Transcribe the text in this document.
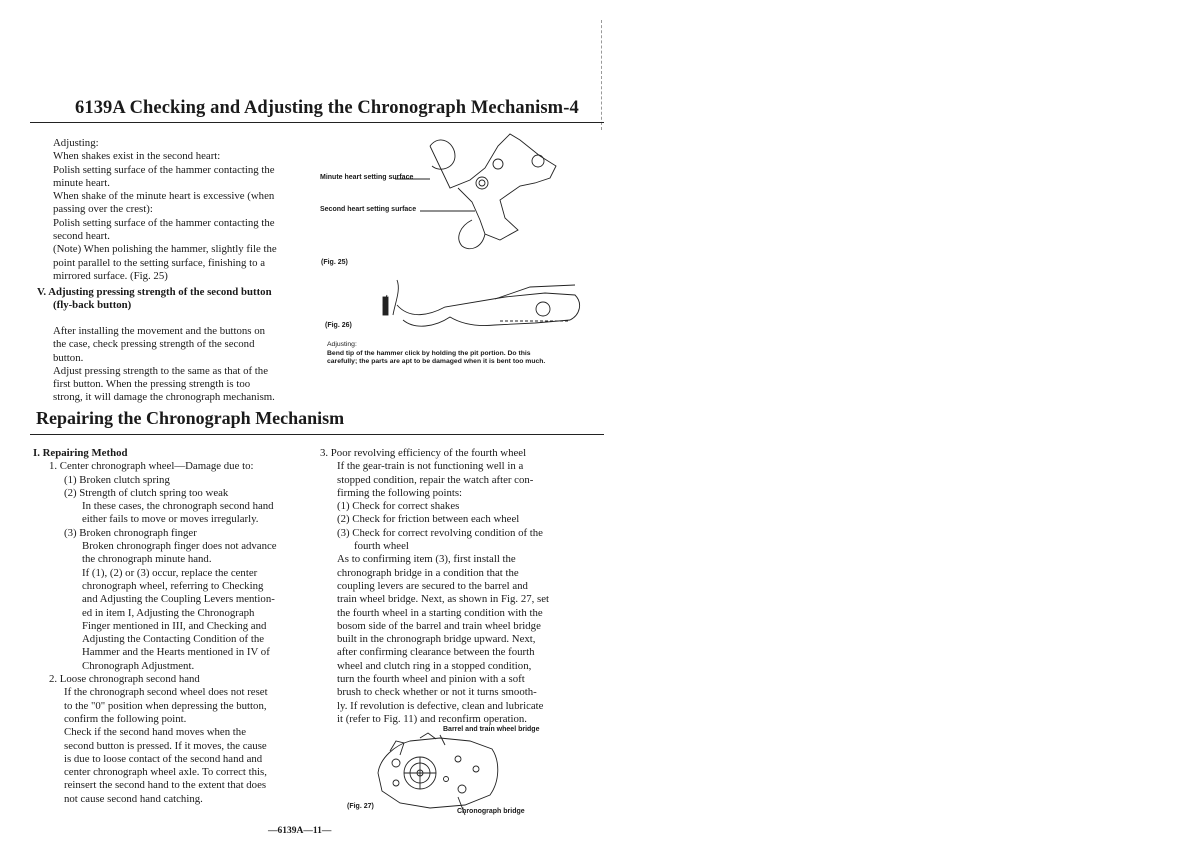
6139A Checking and Adjusting the Chronograph Mechanism-4
Adjusting:
When shakes exist in the second heart:
Polish setting surface of the hammer contacting the
minute heart.
When shake of the minute heart is excessive (when
passing over the crest):
Polish setting surface of the hammer contacting the
second heart.
(Note) When polishing the hammer, slightly file the
point parallel to the setting surface, finishing to a
mirrored surface. (Fig. 25)
V. Adjusting pressing strength of the second button
(fly-back button)
After installing the movement and the buttons on
the case, check pressing strength of the second
button.
Adjust pressing strength to the same as that of the
first button. When the pressing strength is too
strong, it will damage the chronograph mechanism.
Minute heart setting surface
Second heart setting surface
(Fig. 25)
(Fig. 26)
Adjusting:
Bend tip of the hammer click by holding the pit portion. Do this
carefully; the parts are apt to be damaged when it is bent too much.
Repairing the Chronograph Mechanism
I. Repairing Method
1. Center chronograph wheel—Damage due to:
(1) Broken clutch spring
(2) Strength of clutch spring too weak
In these cases, the chronograph second hand
either fails to move or moves irregularly.
(3) Broken chronograph finger
Broken chronograph finger does not advance
the chronograph minute hand.
If (1), (2) or (3) occur, replace the center
chronograph wheel, referring to Checking
and Adjusting the Coupling Levers mention-
ed in item I, Adjusting the Chronograph
Finger mentioned in III, and Checking and
Adjusting the Contacting Condition of the
Hammer and the Hearts mentioned in IV of
Chronograph Adjustment.
2. Loose chronograph second hand
If the chronograph second wheel does not reset
to the "0" position when depressing the button,
confirm the following point.
Check if the second hand moves when the
second button is pressed. If it moves, the cause
is due to loose contact of the second hand and
center chronograph wheel axle. To correct this,
reinsert the second hand to the extent that does
not cause second hand catching.
3. Poor revolving efficiency of the fourth wheel
If the gear-train is not functioning well in a
stopped condition, repair the watch after con-
firming the following points:
(1) Check for correct shakes
(2) Check for friction between each wheel
(3) Check for correct revolving condition of the
fourth wheel
As to confirming item (3), first install the
chronograph bridge in a condition that the
coupling levers are secured to the barrel and
train wheel bridge. Next, as shown in Fig. 27, set
the fourth wheel in a starting condition with the
bosom side of the barrel and train wheel bridge
built in the chronograph bridge upward. Next,
after confirming clearance between the fourth
wheel and clutch ring in a stopped condition,
turn the fourth wheel and pinion with a soft
brush to check whether or not it turns smooth-
ly. If revolution is defective, clean and lubricate
it (refer to Fig. 11) and reconfirm operation.
Barrel and train wheel bridge
(Fig. 27)
Chronograph bridge
—6139A—11—
